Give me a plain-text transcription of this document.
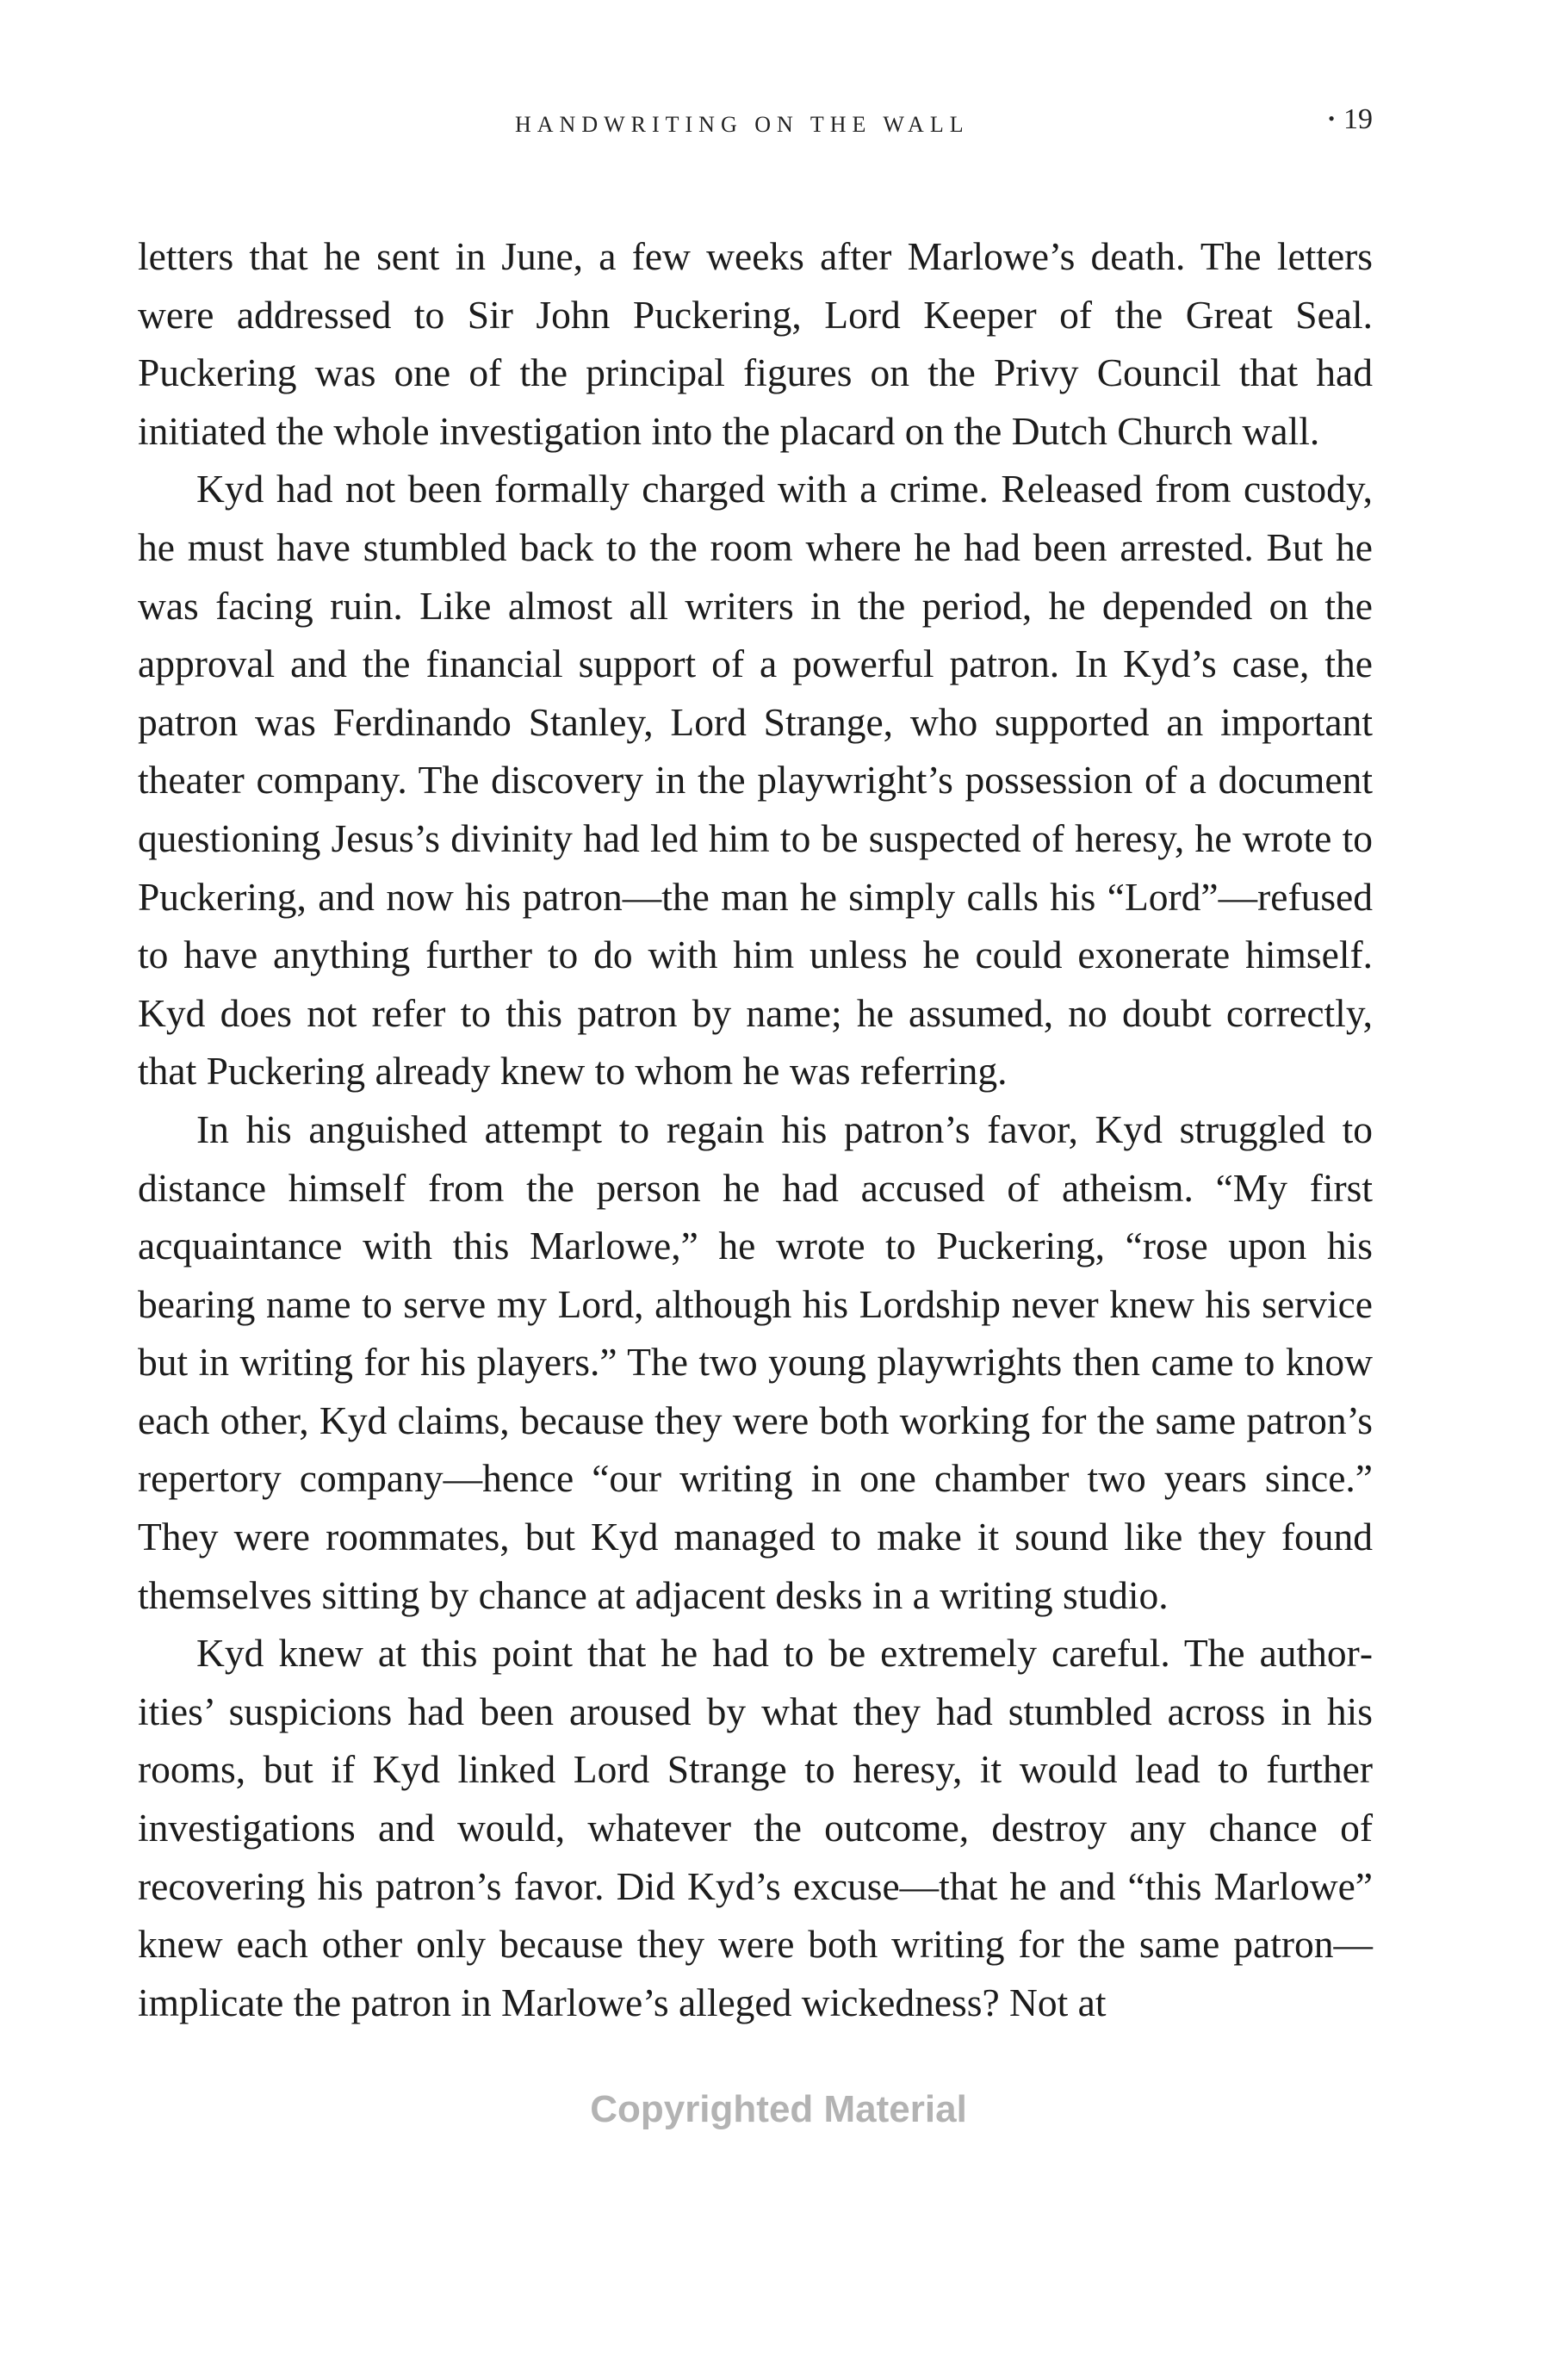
HANDWRITING ON THE WALL	• 19

letters that he sent in June, a few weeks after Marlowe’s death. The letters were addressed to Sir John Puckering, Lord Keeper of the Great Seal. Puckering was one of the principal figures on the Privy Council that had initiated the whole investigation into the placard on the Dutch Church wall.

Kyd had not been formally charged with a crime. Released from custody, he must have stumbled back to the room where he had been arrested. But he was facing ruin. Like almost all writers in the period, he depended on the approval and the financial support of a powerful patron. In Kyd’s case, the patron was Ferdinando Stanley, Lord Strange, who supported an important theater company. The discovery in the playwright’s possession of a document questioning Jesus’s divinity had led him to be suspected of heresy, he wrote to Puckering, and now his patron—the man he simply calls his “Lord”—refused to have anything further to do with him unless he could exonerate himself. Kyd does not refer to this patron by name; he assumed, no doubt correctly, that Puckering already knew to whom he was referring.

In his anguished attempt to regain his patron’s favor, Kyd struggled to distance himself from the person he had accused of atheism. “My first acquaintance with this Marlowe,” he wrote to Puckering, “rose upon his bearing name to serve my Lord, although his Lordship never knew his service but in writing for his players.” The two young playwrights then came to know each other, Kyd claims, because they were both working for the same patron’s repertory company—hence “our writing in one chamber two years since.” They were roommates, but Kyd managed to make it sound like they found themselves sitting by chance at adjacent desks in a writing studio.

Kyd knew at this point that he had to be extremely careful. The authorities’ suspicions had been aroused by what they had stumbled across in his rooms, but if Kyd linked Lord Strange to heresy, it would lead to further investigations and would, whatever the outcome, destroy any chance of recovering his patron’s favor. Did Kyd’s excuse—that he and “this Marlowe” knew each other only because they were both writing for the same patron—implicate the patron in Marlowe’s alleged wickedness? Not at

Copyrighted Material
